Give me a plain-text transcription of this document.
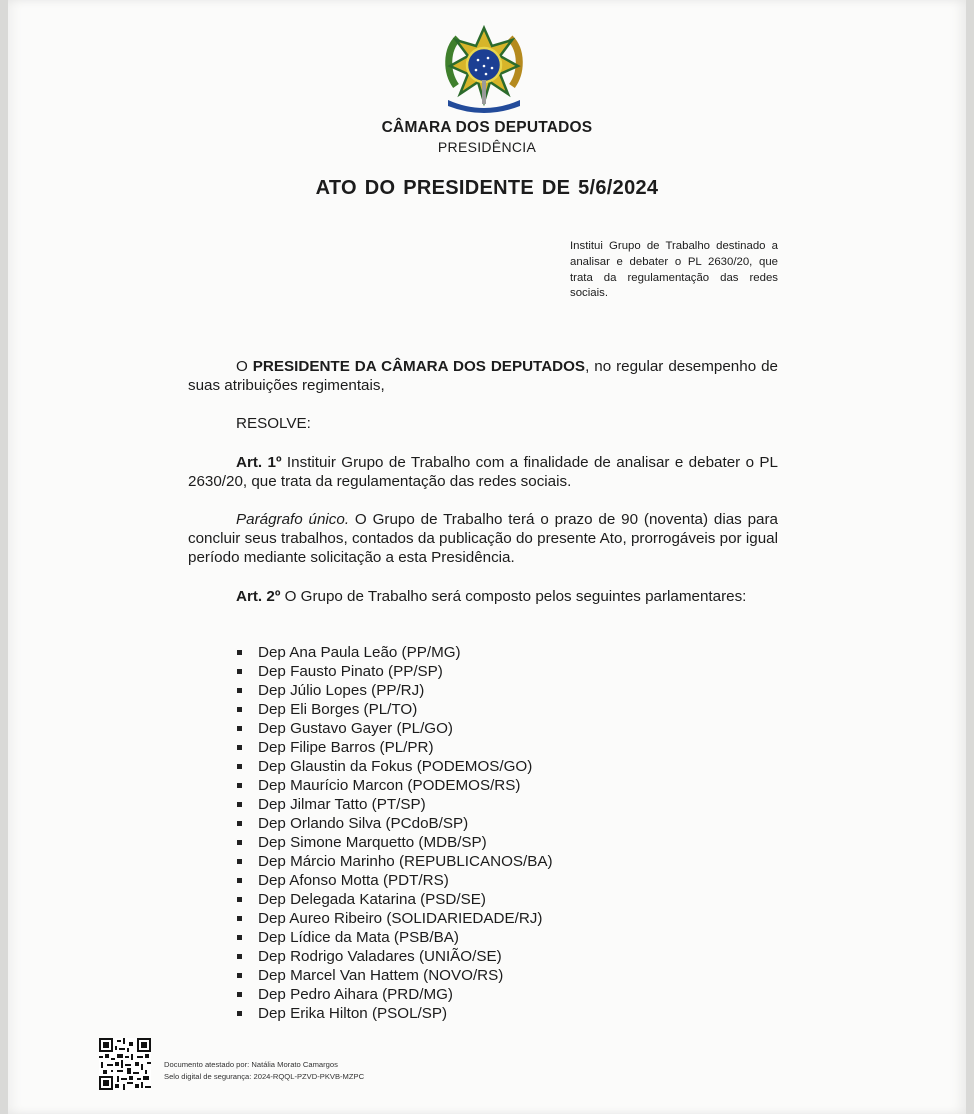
CÂMARA DOS DEPUTADOS
PRESIDÊNCIA
ATO DO PRESIDENTE DE 5/6/2024
Institui Grupo de Trabalho destinado a analisar e debater o PL 2630/20, que trata da regulamentação das redes sociais.

O PRESIDENTE DA CÂMARA DOS DEPUTADOS, no regular desempenho de suas atribuições regimentais,

RESOLVE:

Art. 1º Instituir Grupo de Trabalho com a finalidade de analisar e debater o PL 2630/20, que trata da regulamentação das redes sociais.

Parágrafo único. O Grupo de Trabalho terá o prazo de 90 (noventa) dias para concluir seus trabalhos, contados da publicação do presente Ato, prorrogáveis por igual período mediante solicitação a esta Presidência.

Art. 2º O Grupo de Trabalho será composto pelos seguintes parlamentares:

Dep Ana Paula Leão (PP/MG)
Dep Fausto Pinato (PP/SP)
Dep Júlio Lopes (PP/RJ)
Dep Eli Borges (PL/TO)
Dep Gustavo Gayer (PL/GO)
Dep Filipe Barros (PL/PR)
Dep Glaustin da Fokus (PODEMOS/GO)
Dep Maurício Marcon (PODEMOS/RS)
Dep Jilmar Tatto (PT/SP)
Dep Orlando Silva (PCdoB/SP)
Dep Simone Marquetto (MDB/SP)
Dep Márcio Marinho (REPUBLICANOS/BA)
Dep Afonso Motta (PDT/RS)
Dep Delegada Katarina (PSD/SE)
Dep Aureo Ribeiro (SOLIDARIEDADE/RJ)
Dep Lídice da Mata (PSB/BA)
Dep Rodrigo Valadares (UNIÃO/SE)
Dep Marcel Van Hattem (NOVO/RS)
Dep Pedro Aihara (PRD/MG)
Dep Erika Hilton (PSOL/SP)
Documento atestado por: Natália Morato Camargos
Selo digital de segurança: 2024-RQQL-PZVD-PKVB-MZPC
